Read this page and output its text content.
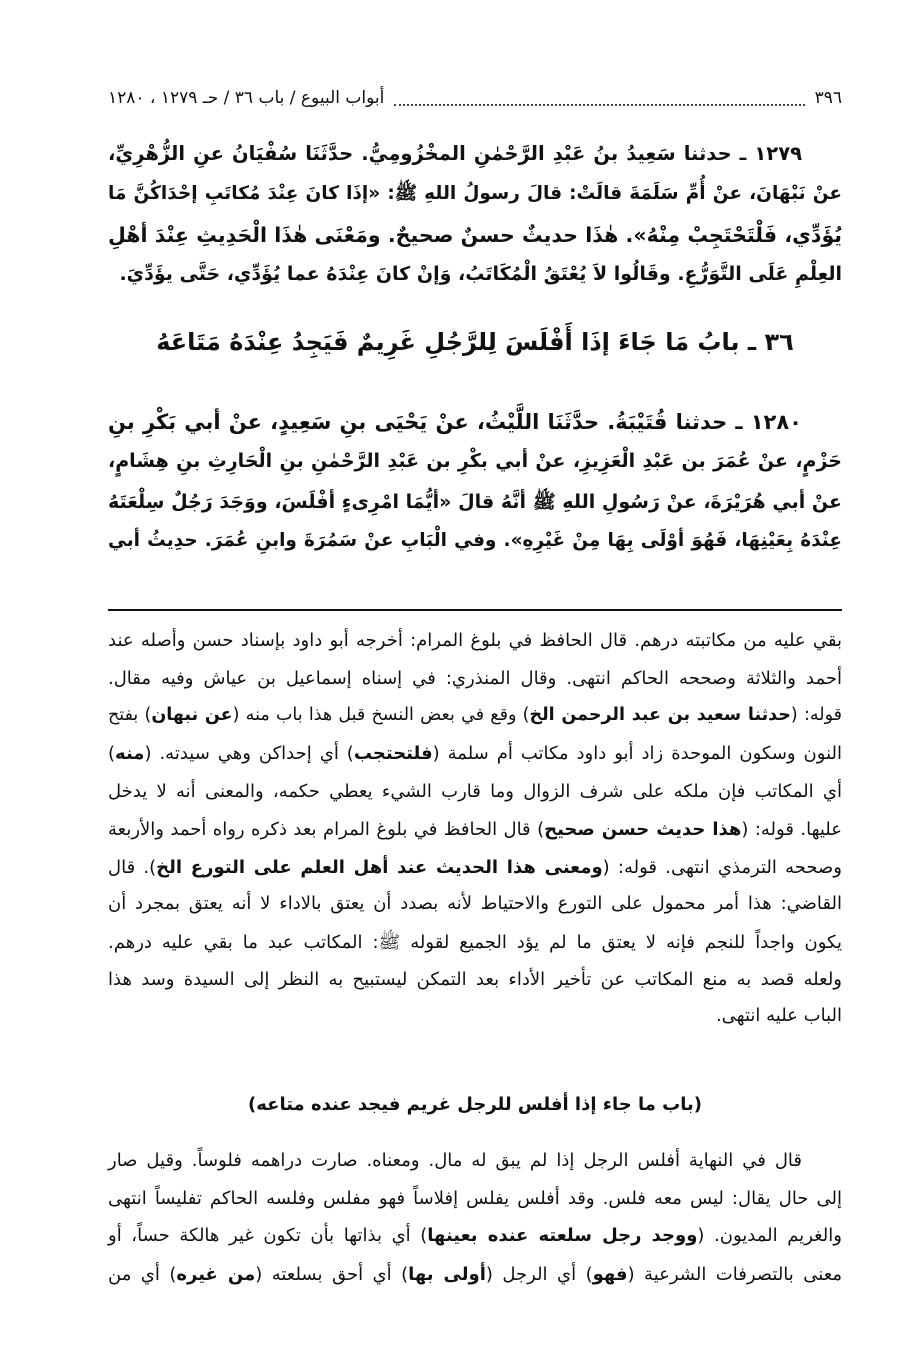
٣٩٦
أبواب البيوع / باب ٣٦ / حـ ١٢٧٩ ، ١٢٨٠
١٢٧٩ ـ حدثنا سَعِيدُ بنُ عَبْدِ الرَّحْمٰنِ المخْزُومِيُّ. حدَّثَنَا سُفْيَانُ عنِ الزُّهْرِيِّ،
عنْ نَبْهَانَ، عنْ أُمِّ سَلَمَةَ قالَتْ: قالَ رسولُ اللهِ ﷺ: «إذَا كانَ عِنْدَ مُكاتَبِ إحْدَاكُنَّ مَا
يُؤَدِّي، فَلْتَحْتَجِبْ مِنْهُ». هٰذَا حديثٌ حسنٌ صحيحٌ. ومَعْنَى هٰذَا الْحَدِيثِ عِنْدَ أهْلِ
العِلْمِ عَلَى التَّوَرُّعِ. وقَالُوا لاَ يُعْتَقُ الْمُكَاتَبُ، وَإنْ كانَ عِنْدَهُ عما يُؤَدِّي، حَتَّى يؤَدِّيَ.
٣٦ ـ بابُ مَا جَاءَ إذَا أَفْلَسَ لِلرَّجُلِ غَرِيمٌ فَيَجِدُ عِنْدَهُ مَتَاعَهُ
١٢٨٠ ـ حدثنا قُتَيْبَةُ. حدَّثَنَا اللَّيْثُ، عنْ يَحْيَى بنِ سَعِيدٍ، عنْ أبي بَكْرِ بنِ
حَزْمٍ، عنْ عُمَرَ بن عَبْدِ الْعَزِيزِ، عنْ أبي بكْرِ بن عَبْدِ الرَّحْمٰنِ بنِ الْحَارِثِ بنِ هِشَامٍ،
عنْ أبي هُرَيْرَةَ، عنْ رَسُولِ اللهِ ﷺ أنَّهُ قالَ «أيُّمَا امْرِىءٍ أفْلَسَ، ووَجَدَ رَجُلٌ سِلْعَتَهُ
عِنْدَهُ بِعَيْنِهَا، فَهُوَ أوْلَى بِهَا مِنْ غَيْرِهِ». وفي الْبَابِ عنْ سَمُرَةَ وابنِ عُمَرَ. حدِيثُ أبي
بقي عليه من مكاتبته درهم. قال الحافظ في بلوغ المرام: أخرجه أبو داود بإسناد حسن وأصله عند
أحمد والثلاثة وصححه الحاكم انتهى. وقال المنذري: في إسناه إسماعيل بن عياش وفيه مقال.
قوله: (حدثنا سعيد بن عبد الرحمن الخ) وقع في بعض النسخ قبل هذا باب منه (عن نبهان) بفتح
النون وسكون الموحدة زاد أبو داود مكاتب أم سلمة (فلتحتجب) أي إحداكن وهي سيدته. (منه)
أي المكاتب فإن ملكه على شرف الزوال وما قارب الشيء يعطي حكمه، والمعنى أنه لا يدخل
عليها. قوله: (هذا حديث حسن صحيح) قال الحافظ في بلوغ المرام بعد ذكره رواه أحمد والأربعة
وصححه الترمذي انتهى. قوله: (ومعنى هذا الحديث عند أهل العلم على التورع الخ). قال
القاضي: هذا أمر محمول على التورع والاحتياط لأنه بصدد أن يعتق بالاداء لا أنه يعتق بمجرد أن
يكون واجداً للنجم فإنه لا يعتق ما لم يؤد الجميع لقوله ﷺ: المكاتب عبد ما بقي عليه درهم.
ولعله قصد به منع المكاتب عن تأخير الأداء بعد التمكن ليستبيح به النظر إلى السيدة وسد هذا
الباب عليه انتهى.
(باب ما جاء إذا أفلس للرجل غريم فيجد عنده متاعه)
قال في النهاية أفلس الرجل إذا لم يبق له مال. ومعناه. صارت دراهمه فلوساً. وقيل صار
إلى حال يقال: ليس معه فلس. وقد أفلس يفلس إفلاساً فهو مفلس وفلسه الحاكم تفليساً انتهى
والغريم المديون. (ووجد رجل سلعته عنده بعينها) أي بذاتها بأن تكون غير هالكة حساً، أو
معنى بالتصرفات الشرعية (فهو) أي الرجل (أولى بها) أي أحق بسلعته (من غيره) أي من
